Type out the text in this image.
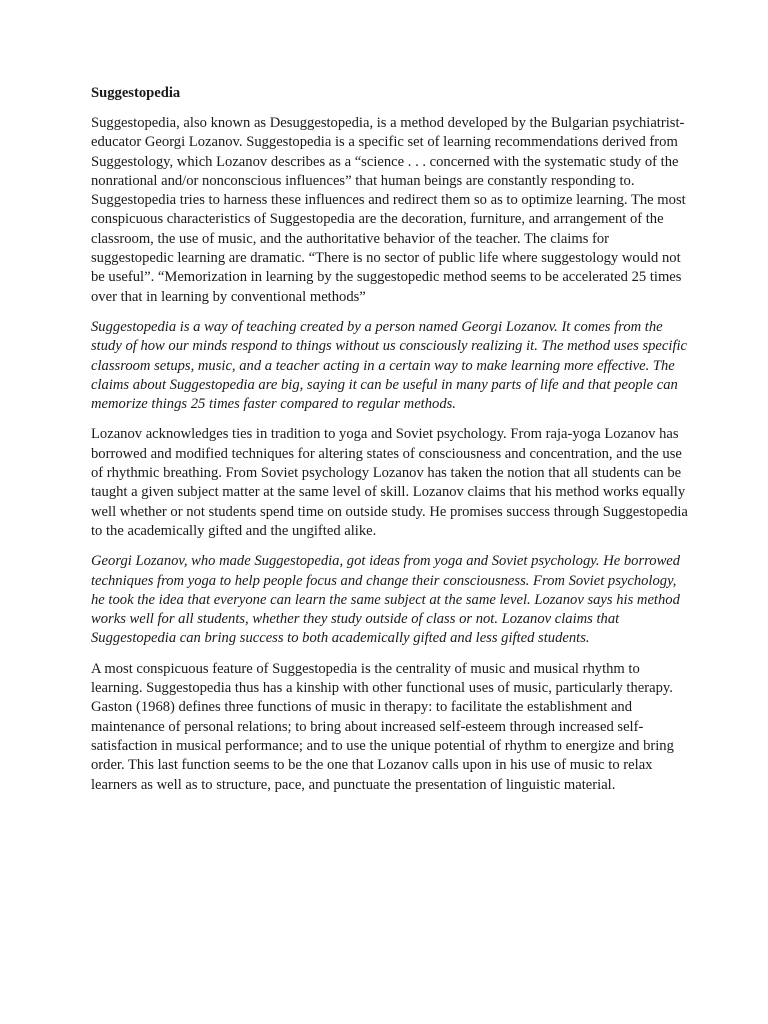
Suggestopedia
Suggestopedia, also known as Desuggestopedia, is a method developed by the Bulgarian psychiatrist-educator Georgi Lozanov. Suggestopedia is a specific set of learning recommendations derived from Suggestology, which Lozanov describes as a “science . . . concerned with the systematic study of the nonrational and/or nonconscious influences” that human beings are constantly responding to. Suggestopedia tries to harness these influences and redirect them so as to optimize learning. The most conspicuous characteristics of Suggestopedia are the decoration, furniture, and arrangement of the classroom, the use of music, and the authoritative behavior of the teacher. The claims for suggestopedic learning are dramatic. “There is no sector of public life where suggestology would not be useful”. “Memorization in learning by the suggestopedic method seems to be accelerated 25 times over that in learning by conventional methods”
Suggestopedia is a way of teaching created by a person named Georgi Lozanov. It comes from the study of how our minds respond to things without us consciously realizing it. The method uses specific classroom setups, music, and a teacher acting in a certain way to make learning more effective. The claims about Suggestopedia are big, saying it can be useful in many parts of life and that people can memorize things 25 times faster compared to regular methods.
Lozanov acknowledges ties in tradition to yoga and Soviet psychology. From raja-yoga Lozanov has borrowed and modified techniques for altering states of consciousness and concentration, and the use of rhythmic breathing. From Soviet psychology Lozanov has taken the notion that all students can be taught a given subject matter at the same level of skill. Lozanov claims that his method works equally well whether or not students spend time on outside study. He promises success through Suggestopedia to the academically gifted and the ungifted alike.
Georgi Lozanov, who made Suggestopedia, got ideas from yoga and Soviet psychology. He borrowed techniques from yoga to help people focus and change their consciousness. From Soviet psychology, he took the idea that everyone can learn the same subject at the same level. Lozanov says his method works well for all students, whether they study outside of class or not. Lozanov claims that Suggestopedia can bring success to both academically gifted and less gifted students.
A most conspicuous feature of Suggestopedia is the centrality of music and musical rhythm to learning. Suggestopedia thus has a kinship with other functional uses of music, particularly therapy. Gaston (1968) defines three functions of music in therapy: to facilitate the establishment and maintenance of personal relations; to bring about increased self-esteem through increased self-satisfaction in musical performance; and to use the unique potential of rhythm to energize and bring order. This last function seems to be the one that Lozanov calls upon in his use of music to relax learners as well as to structure, pace, and punctuate the presentation of linguistic material.
